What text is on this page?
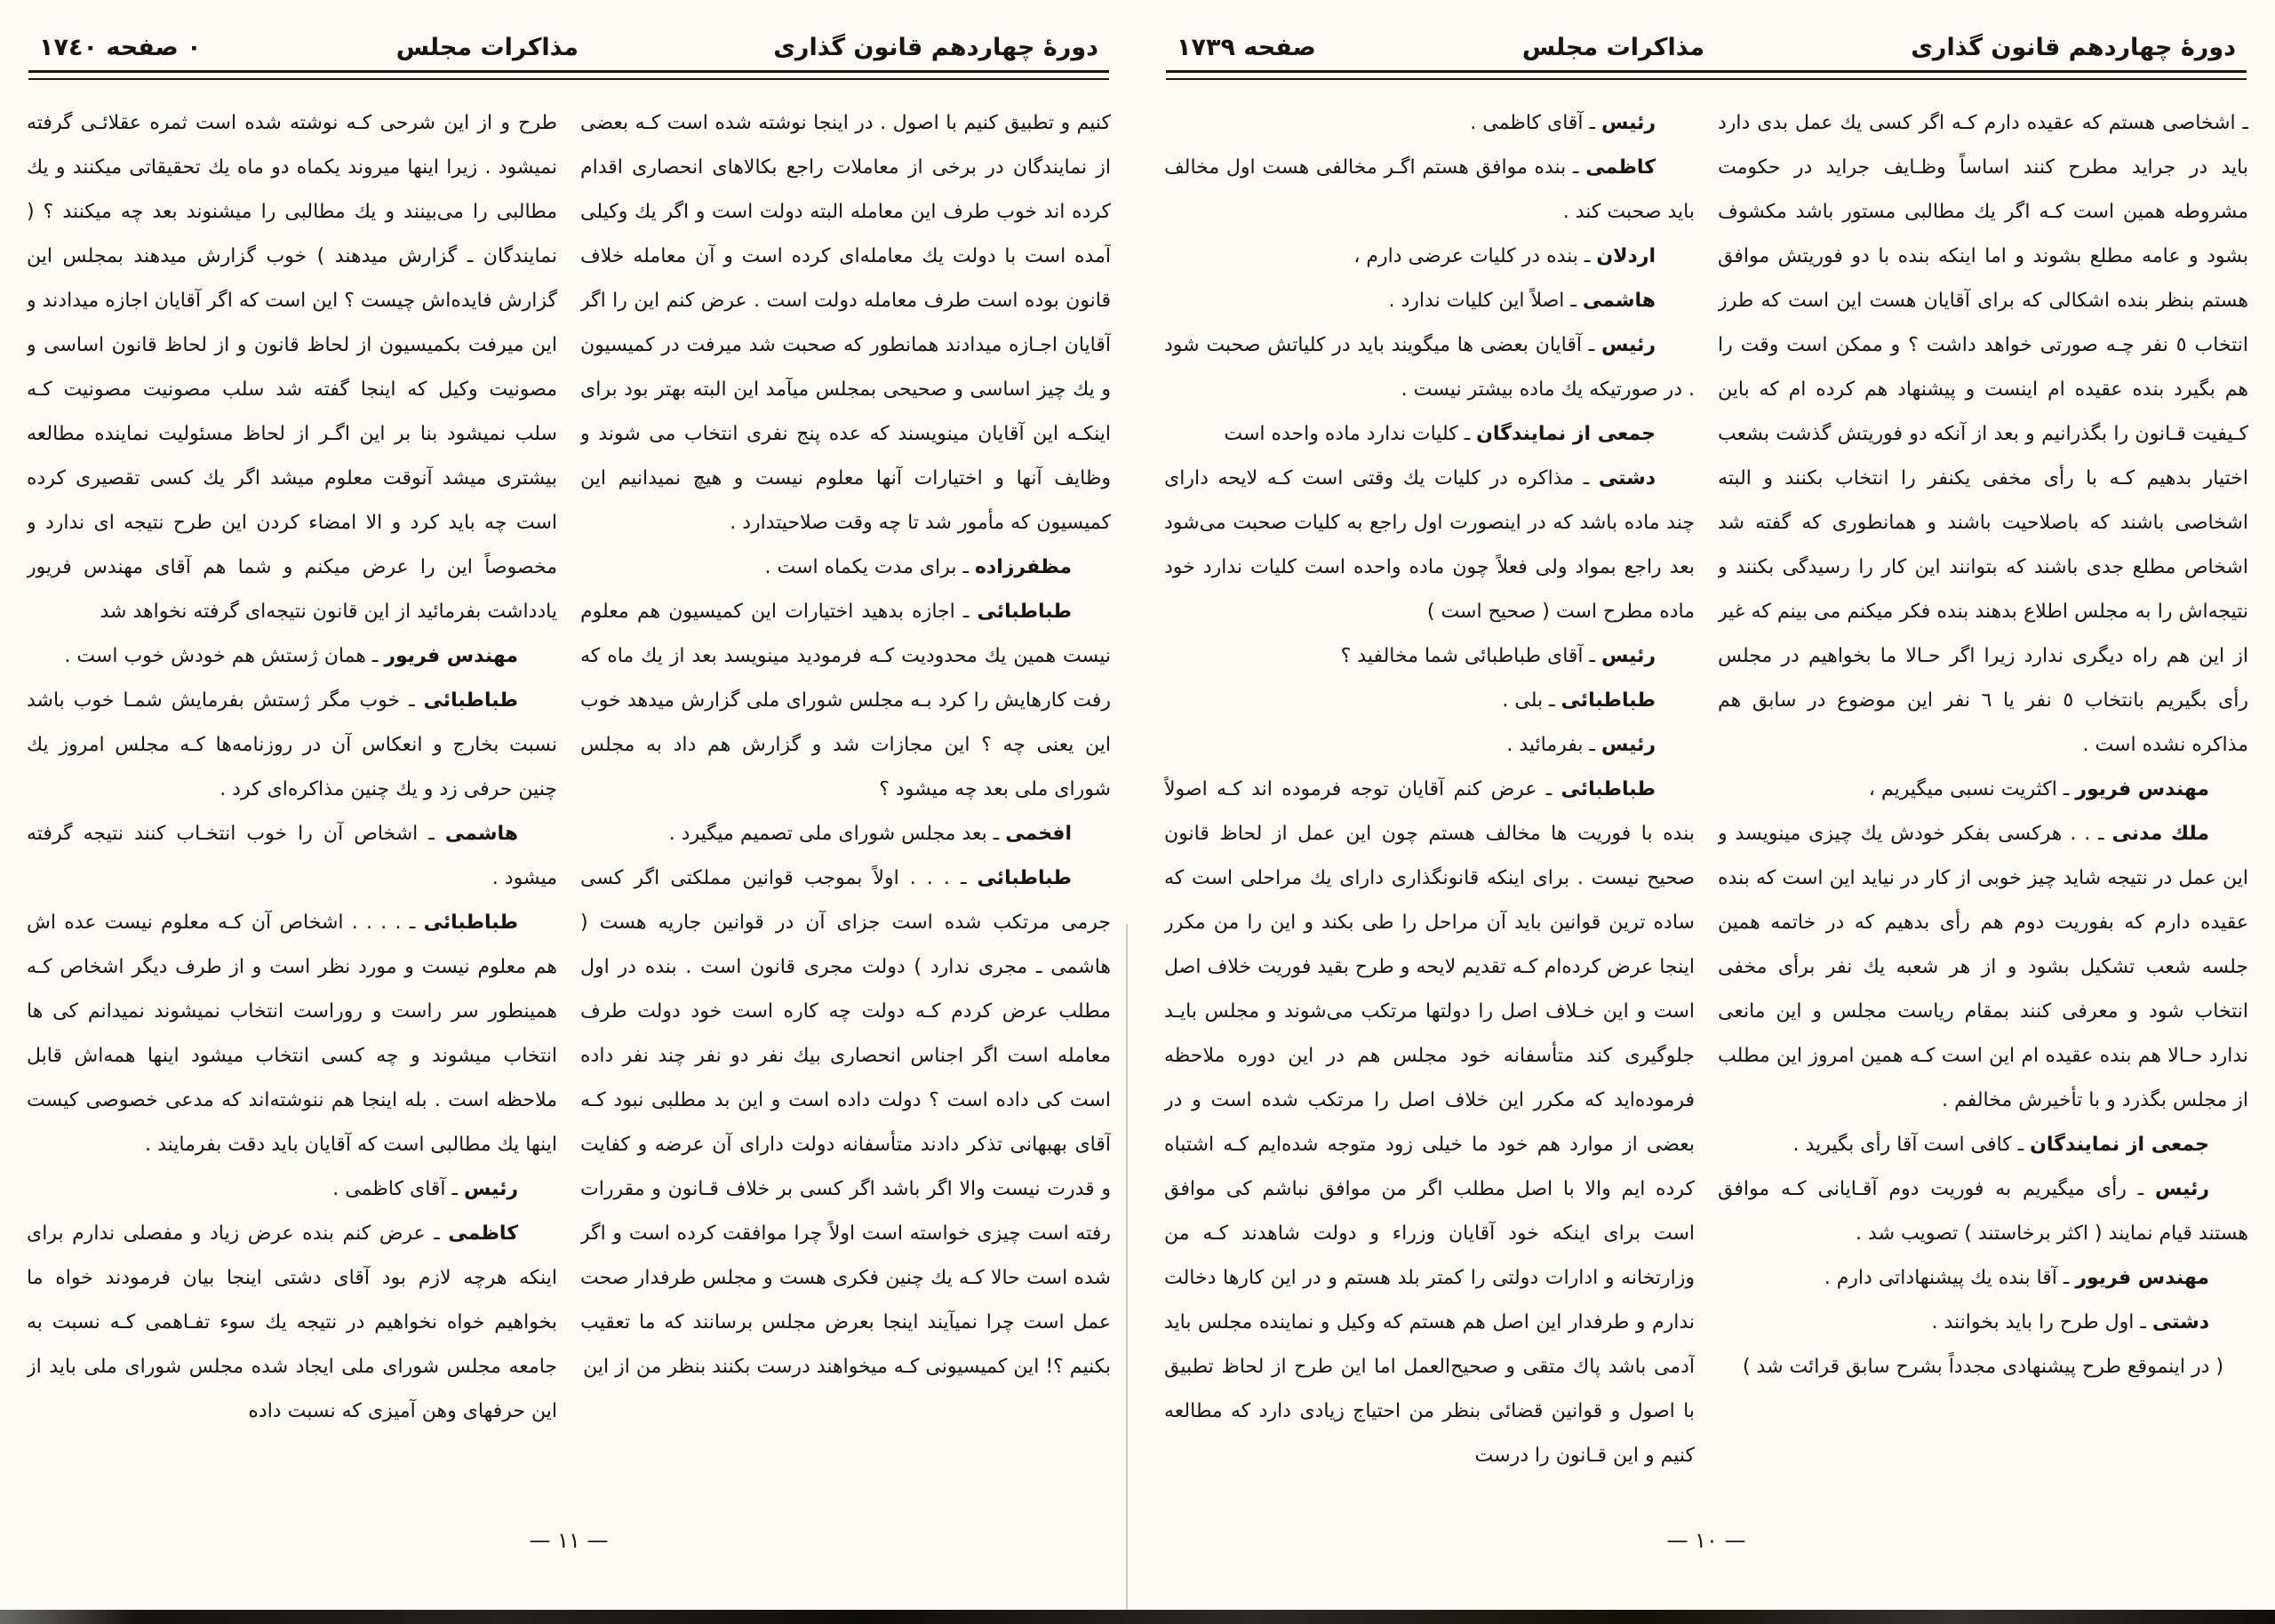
دورهٔ چهاردهم قانون گذاری
مذاکرات مجلس
صفحه ١٧٣٩

ـ اشخاصی هستم که عقیده دارم کـه اگر کسی یك عمل بدی دارد باید در جراید مطرح کنند اساساً وظـایف جراید در حکومت مشروطه همین است کـه اگر یك مطالبی مستور باشد مکشوف بشود و عامه مطلع بشوند و اما اینکه بنده با دو فوریتش موافق هستم بنظر بنده اشکالی که برای آقایان هست این است که طرز انتخاب ٥ نفر چـه صورتی خواهد داشت ؟ و ممکن است وقت را هم بگیرد بنده عقیده ام اینست و پیشنهاد هم کرده ام که باین کـیفیت قـانون را بگذرانیم و بعد از آنکه دو فوریتش گذشت بشعب اختیار بدهیم کـه با رأی مخفی یکنفر را انتخاب بکنند و البته اشخاصی باشند که باصلاحیت باشند و همانطوری که گفته شد اشخاص مطلع جدی باشند که بتوانند این کار را رسیدگی بکنند و نتیجه‌اش را به مجلس اطلاع بدهند بنده فکر میکنم می بینم که غیر از این هم راه دیگری ندارد زیرا اگر حـالا ما بخواهیم در مجلس رأی بگیریم بانتخاب ٥ نفر یا ٦ نفر این موضوع در سابق هم مذاکره نشده است .

مهندس فریور ـ اکثریت نسبی میگیریم ،

ملك مدنی ـ . . هرکسی بفکر خودش یك چیزی مینویسد و این عمل در نتیجه شاید چیز خوبی از کار در نیاید این است که بنده عقیده دارم که بفوریت دوم هم رأی بدهیم که در خاتمه همین جلسه شعب تشکیل بشود و از هر شعبه یك نفر برأی مخفی انتخاب شود و معرفی کنند بمقام ریاست مجلس و این مانعی ندارد حـالا هم بنده عقیده ام این است کـه همین امروز این مطلب از مجلس بگذرد و با تأخیرش مخالفم .

جمعی از نمایندگان ـ کافی است آقا رأی بگیرید .

رئیس ـ رأی میگیریم به فوریت دوم آقـایانی کـه موافق هستند قیام نمایند ( اکثر برخاستند ) تصویب شد .

مهندس فریور ـ آقا بنده یك پیشنهاداتی دارم .

دشتی ـ اول طرح را باید بخوانند .

( در اینموقع طرح پیشنهادی مجدداً بشرح سابق قرائت شد )

رئیس ـ آقای کاظمی .

کاظمی ـ بنده موافق هستم اگـر مخالفی هست اول مخالف باید صحبت کند .

اردلان ـ بنده در کلیات عرضی دارم ،

هاشمی ـ اصلاً این کلیات ندارد .

رئیس ـ آقایان بعضی ها میگویند باید در کلیاتش صحبت شود . در صورتیکه یك ماده بیشتر نیست .

جمعی از نمایندگان ـ کلیات ندارد ماده واحده است

دشتی ـ مذاکره در کلیات یك وقتی است کـه لایحه دارای چند ماده باشد که در اینصورت اول راجع به کلیات صحبت می‌شود بعد راجع بمواد ولی فعلاً چون ماده واحده است کلیات ندارد خود ماده مطرح است ( صحیح است )

رئیس ـ آقای طباطبائی شما مخالفید ؟

طباطبائی ـ بلی .

رئیس ـ بفرمائید .

طباطبائی ـ عرض کنم آقایان توجه فرموده اند کـه اصولاً بنده با فوریت ها مخالف هستم چون این عمل از لحاظ قانون صحیح نیست . برای اینکه قانونگذاری دارای یك مراحلی است که ساده ترین قوانین باید آن مراحل را طی بکند و این را من مکرر اینجا عرض کرده‌ام کـه تقدیم لایحه و طرح بقید فوریت خلاف اصل است و این خـلاف اصل را دولتها مرتکب می‌شوند و مجلس بایـد جلوگیری کند متأسفانه خود مجلس هم در این دوره ملاحظه فرموده‌اید که مکرر این خلاف اصل را مرتکب شده است و در بعضی از موارد هم خود ما خیلی زود متوجه شده‌ایم کـه اشتباه کرده ایم والا با اصل مطلب اگر من موافق نباشم کی موافق است برای اینکه خود آقایان وزراء و دولت شاهدند کـه من وزارتخانه و ادارات دولتی را کمتر بلد هستم و در این کارها دخالت ندارم و طرفدار این اصل هم هستم که وکیل و نماینده مجلس باید آدمی باشد پاك متقی و صحیح‌العمل اما این طرح از لحاظ تطبیق با اصول و قوانین قضائی بنظر من احتیاج زیادی دارد که مطالعه کنیم و این قـانون را درست

— ١٠ —
دورهٔ چهاردهم قانون گذاری
مذاکرات مجلس
٠ صفحه ١٧٤٠

کنیم و تطبیق کنیم با اصول . در اینجا نوشته شده است کـه بعضی از نمایندگان در برخی از معاملات راجع بکالاهای انحصاری اقدام کرده اند خوب طرف این معامله البته دولت است و اگر یك وکیلی آمده است با دولت یك معامله‌ای کرده است و آن معامله خلاف قانون بوده است طرف معامله دولت است . عرض کنم این را اگر آقایان اجـازه میدادند همانطور که صحبت شد میرفت در کمیسیون و یك چیز اساسی و صحیحی بمجلس میآمد این البته بهتر بود برای اینکـه این آقایان مینویسند که عده پنج نفری انتخاب می شوند و وظایف آنها و اختیارات آنها معلوم نیست و هیچ نمیدانیم این کمیسیون که مأمور شد تا چه وقت صلاحیتدارد .

مظفرزاده ـ برای مدت یکماه است .

طباطبائی ـ اجازه بدهید اختیارات این کمیسیون هم معلوم نیست همین یك محدودیت کـه فرمودید مینویسد بعد از یك ماه که رفت کارهایش را کرد بـه مجلس شورای ملی گزارش میدهد خوب این یعنی چه ؟ این مجازات شد و گزارش هم داد به مجلس شورای ملی بعد چه میشود ؟

افخمی ـ بعد مجلس شورای ملی تصمیم میگیرد .

طباطبائی ـ . . . اولاً بموجب قوانین مملکتی اگر کسی جرمی مرتکب شده است جزای آن در قوانین جاریه هست ( هاشمی ـ مجری ندارد ) دولت مجری قانون است . بنده در اول مطلب عرض کردم کـه دولت چه کاره است خود دولت طرف معامله است اگر اجناس انحصاری بیك نفر دو نفر چند نفر داده است کی داده است ؟ دولت داده است و این بد مطلبی نبود کـه آقای بهبهانی تذکر دادند متأسفانه دولت دارای آن عرضه و کفایت و قدرت نیست والا اگر باشد اگر کسی بر خلاف قـانون و مقررات رفته است چیزی خواسته است اولاً چرا موافقت کرده است و اگر شده است حالا کـه یك چنین فکری هست و مجلس طرفدار صحت عمل است چرا نمیآیند اینجا بعرض مجلس برسانند که ما تعقیب بکنیم ؟! این کمیسیونی کـه میخواهند درست بکنند بنظر من از این

طرح و از این شرحی کـه نوشته شده است ثمره عقلائـی گرفته نمیشود . زیرا اینها میروند یکماه دو ماه یك تحقیقاتی میکنند و یك مطالبی را می‌بینند و یك مطالبی را میشنوند بعد چه میکنند ؟ ( نمایندگان ـ گزارش میدهند ) خوب گزارش میدهند بمجلس این گزارش فایده‌اش چیست ؟ این است که اگر آقایان اجازه میدادند و این میرفت بکمیسیون از لحاظ قانون و از لحاظ قانون اساسی و مصونیت وکیل که اینجا گفته شد سلب مصونیت مصونیت کـه سلب نمیشود بنا بر این اگـر از لحاظ مسئولیت نماینده مطالعه بیشتری میشد آنوقت معلوم میشد اگر یك کسی تقصیری کرده است چه باید کرد و الا امضاء کردن این طرح نتیجه ای ندارد و مخصوصاً این را عرض میکنم و شما هم آقای مهندس فریور یادداشت بفرمائید از این قانون نتیجه‌ای گرفته نخواهد شد

مهندس فریور ـ همان ژستش هم خودش خوب است .

طباطبائی ـ خوب مگر ژستش بفرمایش شمـا خوب باشد نسبت بخارج و انعکاس آن در روزنامه‌ها کـه مجلس امروز یك چنین حرفی زد و یك چنین مذاکره‌ای کرد .

هاشمی ـ اشخاص آن را خوب انتخـاب کنند نتیجه گرفته میشود .

طباطبائی ـ . . . . اشخاص آن کـه معلوم نیست عده اش هم معلوم نیست و مورد نظر است و از طرف دیگر اشخاص کـه همینطور سر راست و روراست انتخاب نمیشوند نمیدانم کی ها انتخاب میشوند و چه کسی انتخاب میشود اینها همه‌اش قابل ملاحظه است . بله اینجا هم ننوشته‌اند که مدعی خصوصی کیست اینها یك مطالبی است که آقایان باید دقت بفرمایند .

رئیس ـ آقای کاظمی .

کاظمی ـ عرض کنم بنده عرض زیاد و مفصلی ندارم برای اینکه هرچه لازم بود آقای دشتی اینجا بیان فرمودند خواه ما بخواهیم خواه نخواهیم در نتیجه یك سوء تفـاهمی کـه نسبت به جامعه مجلس شورای ملی ایجاد شده مجلس شورای ملی باید از این حرفهای وهن آمیزی که نسبت داده

— ١١ —
